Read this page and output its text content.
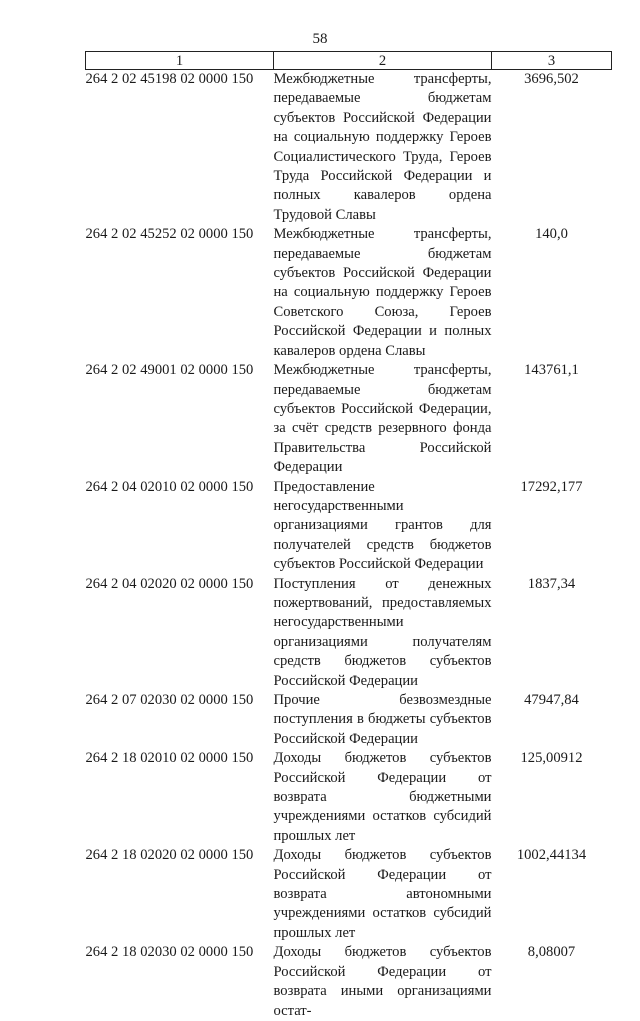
58
1	2	3
264 2 02 45198 02 0000 150	Межбюджетные трансферты, передаваемые бюджетам субъектов Российской Федерации на социальную поддержку Героев Социалистического Труда, Героев Труда Российской Федерации и полных кавалеров ордена Трудовой Славы	3696,502
264 2 02 45252 02 0000 150	Межбюджетные трансферты, передаваемые бюджетам субъектов Российской Федерации на социальную поддержку Героев Советского Союза, Героев Российской Федерации и полных кавалеров ордена Славы	140,0
264 2 02 49001 02 0000 150	Межбюджетные трансферты, передаваемые бюджетам субъектов Российской Федерации, за счёт средств резервного фонда Правительства Российской Федерации	143761,1
264 2 04 02010 02 0000 150	Предоставление негосударственными организациями грантов для получателей средств бюджетов субъектов Российской Федерации	17292,177
264 2 04 02020 02 0000 150	Поступления от денежных пожертвований, предоставляемых негосударственными организациями получателям средств бюджетов субъектов Российской Федерации	1837,34
264 2 07 02030 02 0000 150	Прочие безвозмездные поступления в бюджеты субъектов Российской Федерации	47947,84
264 2 18 02010 02 0000 150	Доходы бюджетов субъектов Российской Федерации от возврата бюджетными учреждениями остатков субсидий прошлых лет	125,00912
264 2 18 02020 02 0000 150	Доходы бюджетов субъектов Российской Федерации от возврата автономными учреждениями остатков субсидий прошлых лет	1002,44134
264 2 18 02030 02 0000 150	Доходы бюджетов субъектов Российской Федерации от возврата иными организациями остат-	8,08007
